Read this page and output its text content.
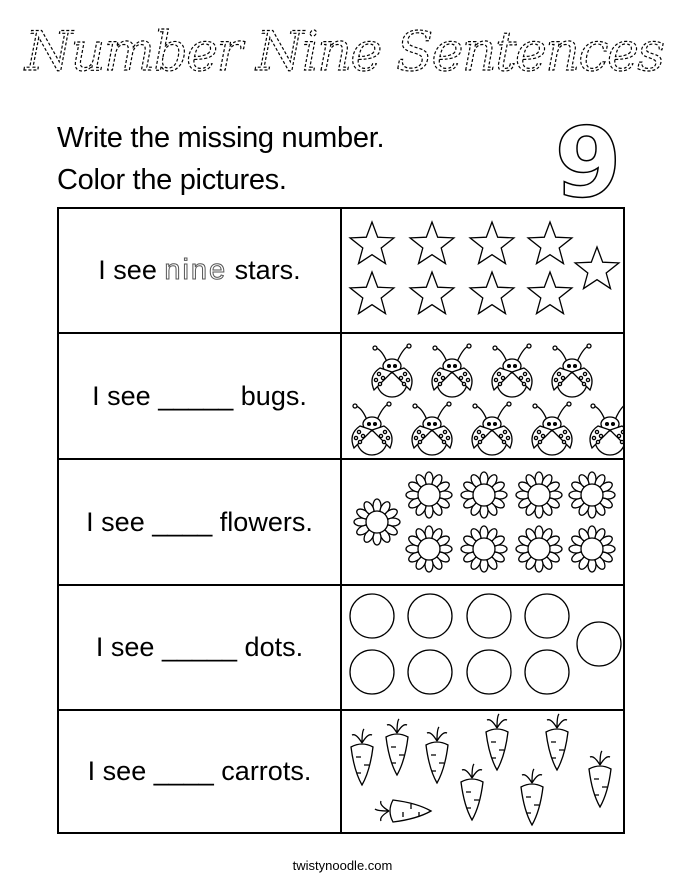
Number Nine Sentences
Write the missing number.
Color the pictures.	9
I see nine stars.
I see _____ bugs.
I see ____ flowers.
I see _____ dots.
I see ____ carrots.
twistynoodle.com
